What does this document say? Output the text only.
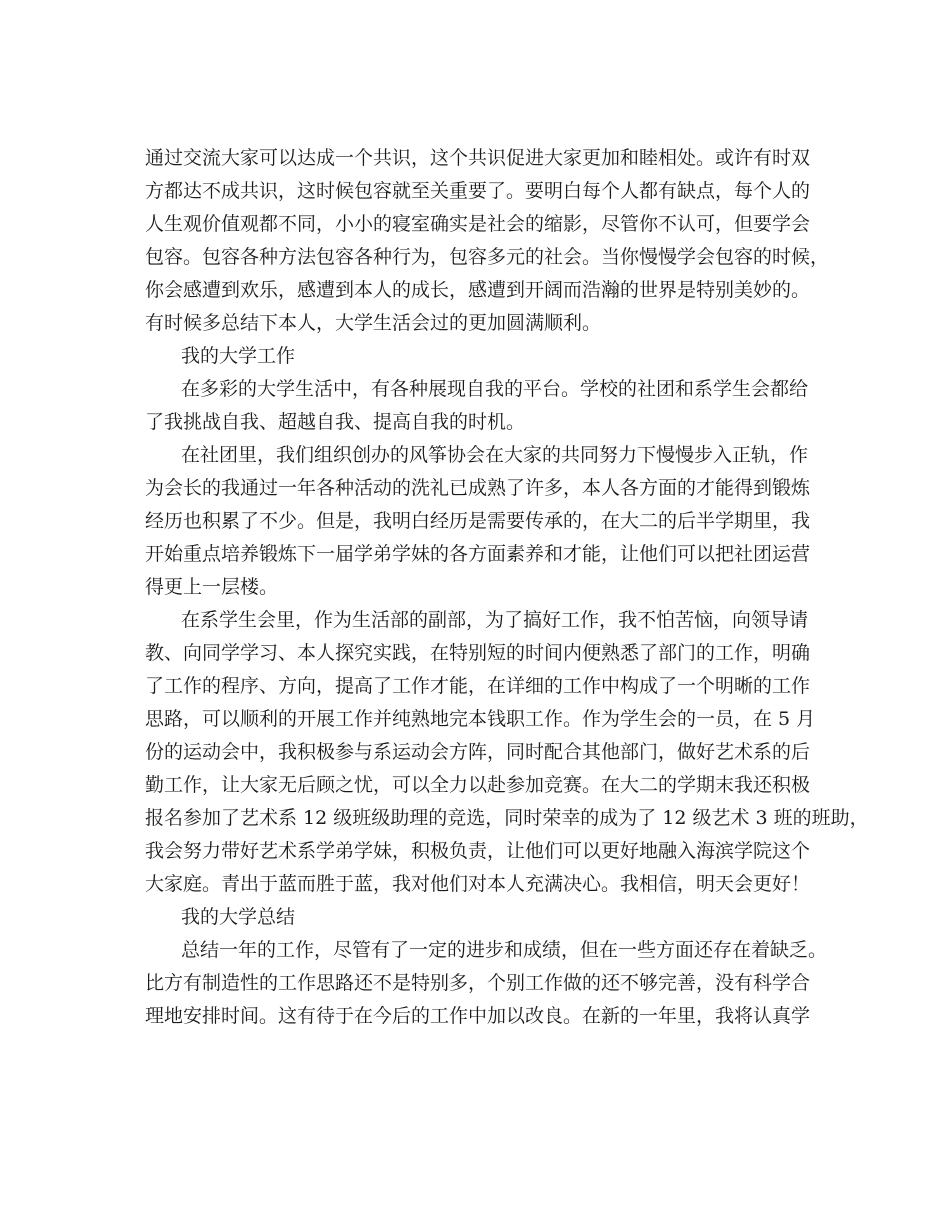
通过交流大家可以达成一个共识，这个共识促进大家更加和睦相处。或许有时双
方都达不成共识，这时候包容就至关重要了。要明白每个人都有缺点，每个人的
人生观价值观都不同，小小的寝室确实是社会的缩影，尽管你不认可，但要学会
包容。包容各种方法包容各种行为，包容多元的社会。当你慢慢学会包容的时候，
你会感遭到欢乐，感遭到本人的成长，感遭到开阔而浩瀚的世界是特别美妙的。
有时候多总结下本人，大学生活会过的更加圆满顺利。
我的大学工作
在多彩的大学生活中，有各种展现自我的平台。学校的社团和系学生会都给
了我挑战自我、超越自我、提高自我的时机。
在社团里，我们组织创办的风筝协会在大家的共同努力下慢慢步入正轨，作
为会长的我通过一年各种活动的洗礼已成熟了许多，本人各方面的才能得到锻炼
经历也积累了不少。但是，我明白经历是需要传承的，在大二的后半学期里，我
开始重点培养锻炼下一届学弟学妹的各方面素养和才能，让他们可以把社团运营
得更上一层楼。
在系学生会里，作为生活部的副部，为了搞好工作，我不怕苦恼，向领导请
教、向同学学习、本人探究实践，在特别短的时间内便熟悉了部门的工作，明确
了工作的程序、方向，提高了工作才能，在详细的工作中构成了一个明晰的工作
思路，可以顺利的开展工作并纯熟地完本钱职工作。作为学生会的一员，在 5 月
份的运动会中，我积极参与系运动会方阵，同时配合其他部门，做好艺术系的后
勤工作，让大家无后顾之忧，可以全力以赴参加竞赛。在大二的学期末我还积极
报名参加了艺术系 12 级班级助理的竞选，同时荣幸的成为了 12 级艺术 3 班的班助，
我会努力带好艺术系学弟学妹，积极负责，让他们可以更好地融入海滨学院这个
大家庭。青出于蓝而胜于蓝，我对他们对本人充满决心。我相信，明天会更好！
我的大学总结
总结一年的工作，尽管有了一定的进步和成绩，但在一些方面还存在着缺乏。
比方有制造性的工作思路还不是特别多，个别工作做的还不够完善，没有科学合
理地安排时间。这有待于在今后的工作中加以改良。在新的一年里，我将认真学
